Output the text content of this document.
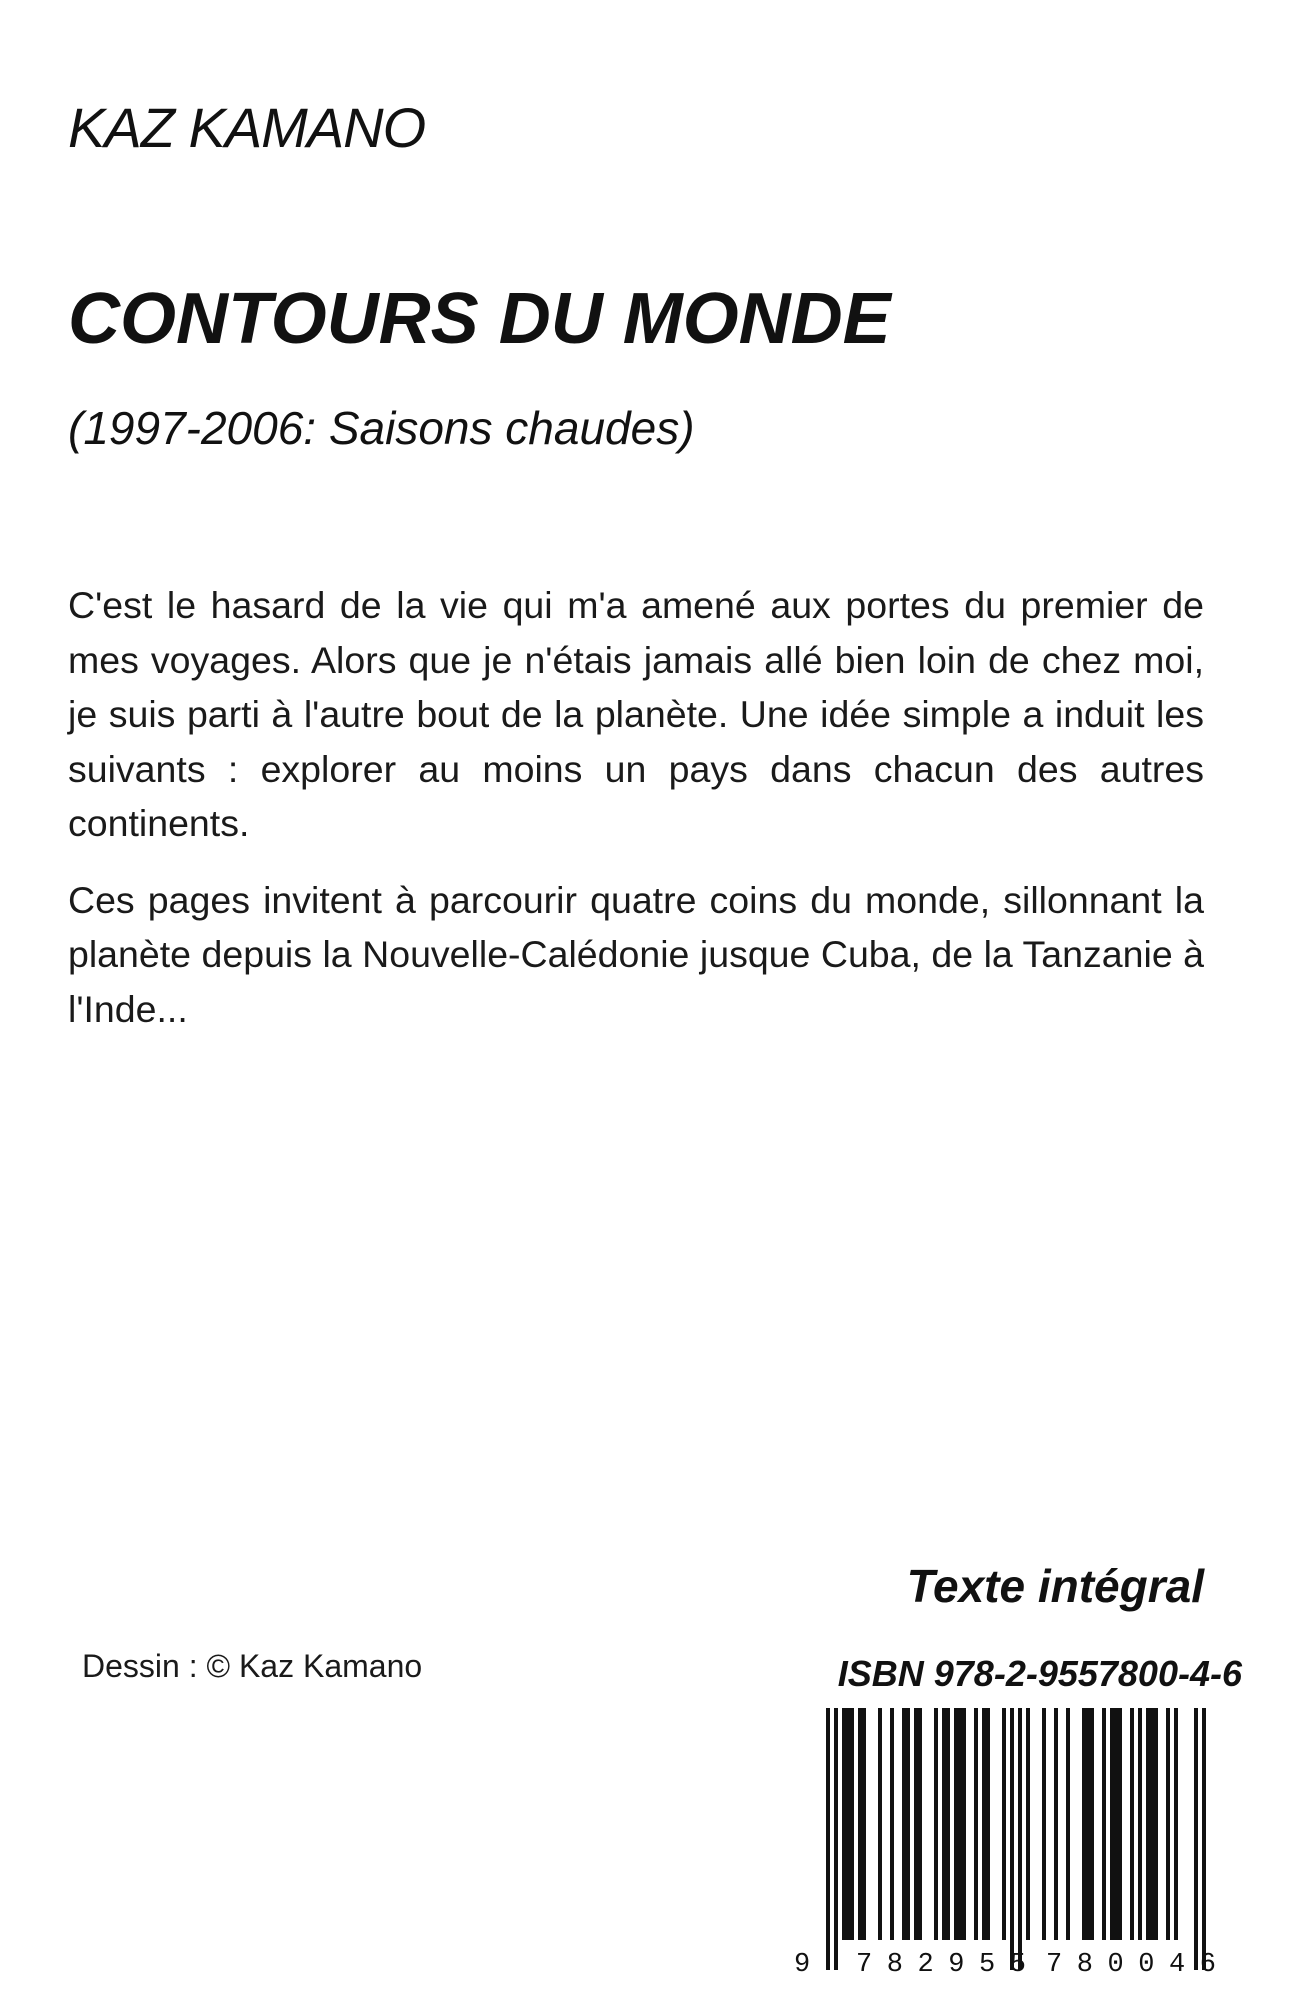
KAZ KAMANO
CONTOURS DU MONDE
(1997-2006: Saisons chaudes)

C'est le hasard de la vie qui m'a amené aux portes du premier de mes voyages. Alors que je n'étais jamais allé bien loin de chez moi, je suis parti à l'autre bout de la planète. Une idée simple a induit les suivants : explorer au moins un pays dans chacun des autres continents.

Ces pages invitent à parcourir quatre coins du monde, sillonnant la planète depuis la Nouvelle-Calédonie jusque Cuba, de la Tanzanie à l'Inde...

Texte intégral
Dessin : © Kaz Kamano	ISBN 978-2-9557800-4-6
9 782955 780046
